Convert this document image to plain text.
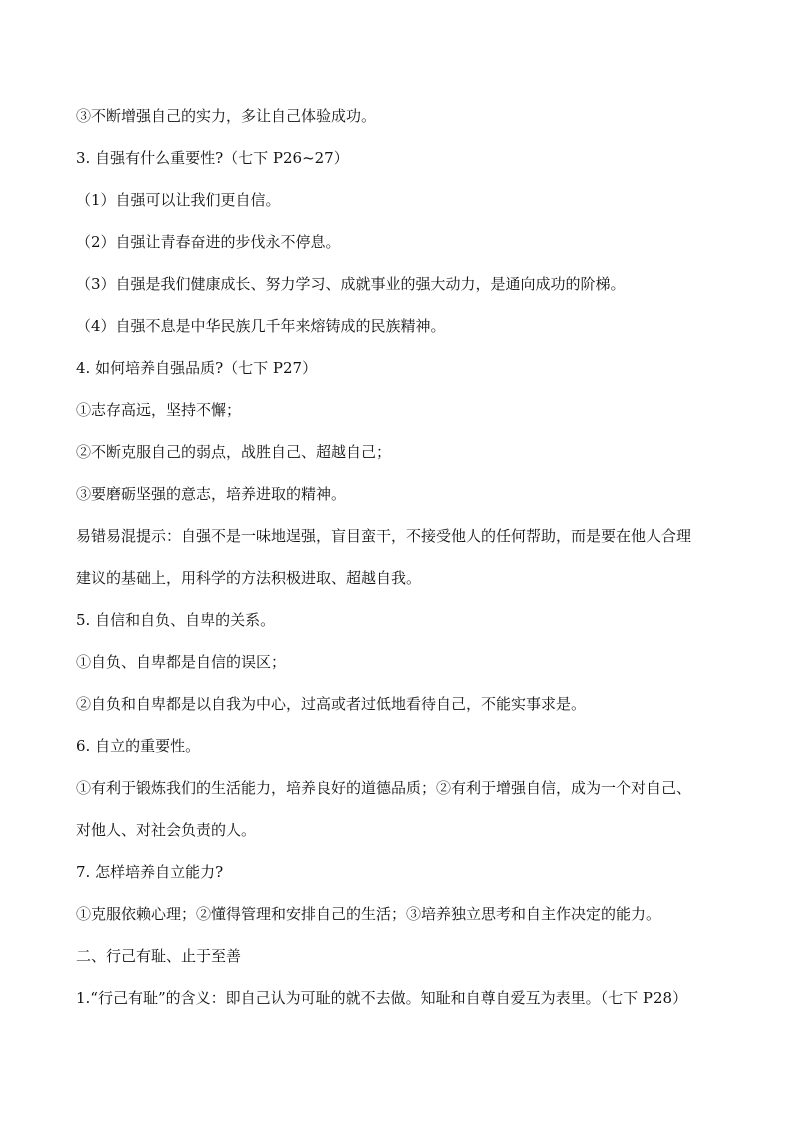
③不断增强自己的实力，多让自己体验成功。

3. 自强有什么重要性?（七下 P26~27）

（1）自强可以让我们更自信。

（2）自强让青春奋进的步伐永不停息。

（3）自强是我们健康成长、努力学习、成就事业的强大动力，是通向成功的阶梯。

（4）自强不息是中华民族几千年来熔铸成的民族精神。

4. 如何培养自强品质?（七下 P27）

①志存高远，坚持不懈；

②不断克服自己的弱点，战胜自己、超越自己；

③要磨砺坚强的意志，培养进取的精神。

易错易混提示：自强不是一味地逞强，盲目蛮干，不接受他人的任何帮助，而是要在他人合理

建议的基础上，用科学的方法积极进取、超越自我。

5. 自信和自负、自卑的关系。

①自负、自卑都是自信的误区；

②自负和自卑都是以自我为中心，过高或者过低地看待自己，不能实事求是。

6. 自立的重要性。

①有利于锻炼我们的生活能力，培养良好的道德品质；②有利于增强自信，成为一个对自己、

对他人、对社会负责的人。

7. 怎样培养自立能力?

①克服依赖心理；②懂得管理和安排自己的生活；③培养独立思考和自主作决定的能力。

二、行己有耻、止于至善

1.“行己有耻”的含义：即自己认为可耻的就不去做。知耻和自尊自爱互为表里。（七下 P28）
